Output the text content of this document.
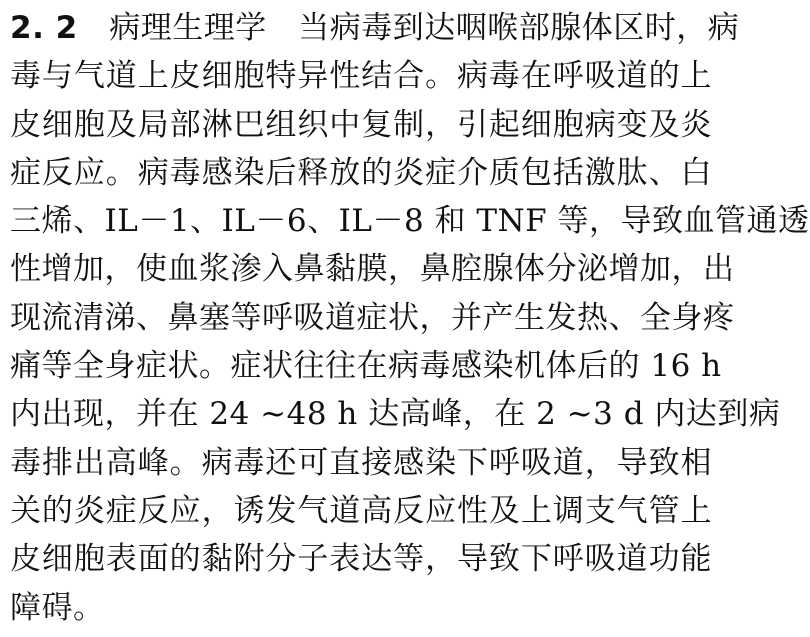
2. 2　 病理生理学　 当病毒到达咽喉部腺体区时，病
毒与气道上皮细胞特异性结合。病毒在呼吸道的上
皮细胞及局部淋巴组织中复制，引起细胞病变及炎
症反应。病毒感染后释放的炎症介质包括激肽、白
三烯、IL－1、IL－6、IL－8 和 TNF 等，导致血管通透
性增加，使血浆渗入鼻黏膜，鼻腔腺体分泌增加，出
现流清涕、鼻塞等呼吸道症状，并产生发热、全身疼
痛等全身症状。症状往往在病毒感染机体后的 16 h
内出现，并在 24 ~48 h 达高峰，在 2 ~3 d 内达到病
毒排出高峰。病毒还可直接感染下呼吸道，导致相
关的炎症反应，诱发气道高反应性及上调支气管上
皮细胞表面的黏附分子表达等，导致下呼吸道功能
障碍。
